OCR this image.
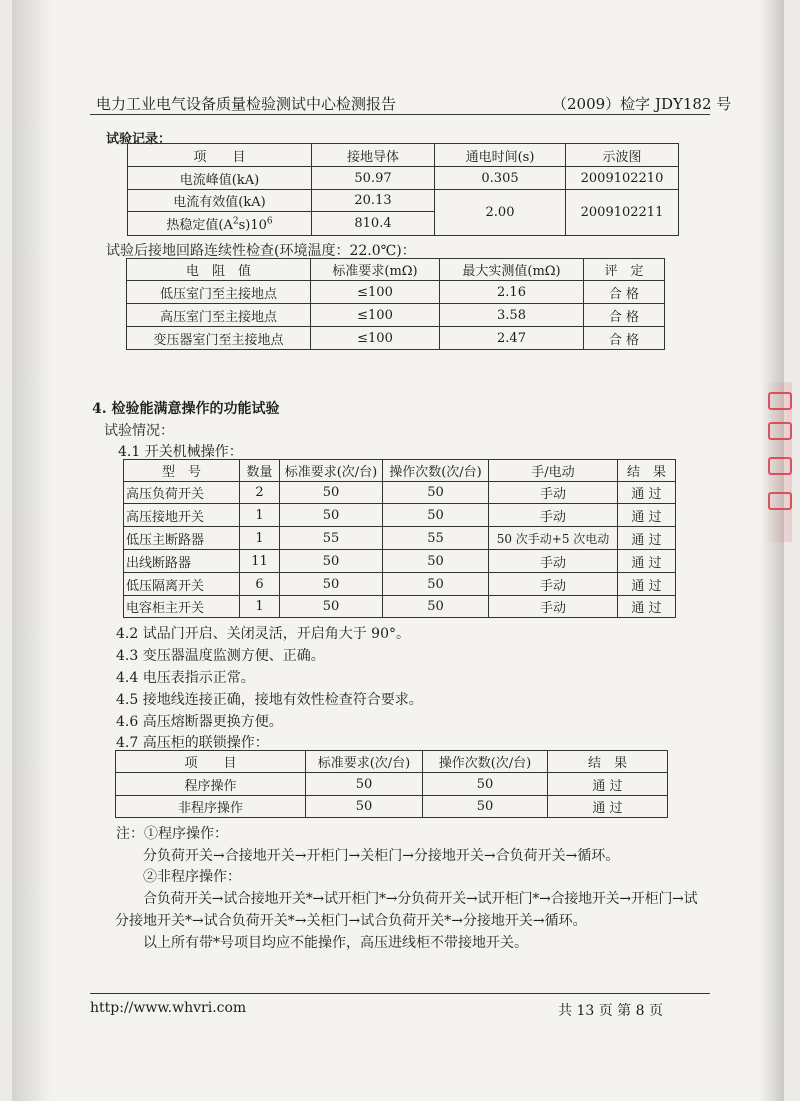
电力工业电气设备质量检验测试中心检测报告	（2009）检字 JDY182 号
试验记录：
项　　目	接地导体	通电时间(s)	示波图
电流峰值(kA)	50.97	0.305	2009102210
电流有效值(kA)	20.13	2.00	2009102211
热稳定值$(A^2s)10^6$	810.4		
试验后接地回路连续性检查(环境温度：22.0℃)：
电　阻　值	标准要求(mΩ)	最大实测值(mΩ)	评　定
低压室门至主接地点	≤100	2.16	合 格
高压室门至主接地点	≤100	3.58	合 格
变压器室门至主接地点	≤100	2.47	合 格
4. 检验能满意操作的功能试验
试验情况：
4.1 开关机械操作：
型　号	数量	标准要求(次/台)	操作次数(次/台)	手/电动	结　果
高压负荷开关	2	50	50	手动	通 过
高压接地开关	1	50	50	手动	通 过
低压主断路器	1	55	55	50 次手动+5 次电动	通 过
出线断路器	11	50	50	手动	通 过
低压隔离开关	6	50	50	手动	通 过
电容柜主开关	1	50	50	手动	通 过
4.2 试品门开启、关闭灵活，开启角大于 90°。
4.3 变压器温度监测方便、正确。
4.4 电压表指示正常。
4.5 接地线连接正确，接地有效性检查符合要求。
4.6 高压熔断器更换方便。
4.7 高压柜的联锁操作：
项　　目	标准要求(次/台)	操作次数(次/台)	结　果
程序操作	50	50	通 过
非程序操作	50	50	通 过
注：①程序操作：
分负荷开关→合接地开关→开柜门→关柜门→分接地开关→合负荷开关→循环。
②非程序操作：
合负荷开关→试合接地开关*→试开柜门*→分负荷开关→试开柜门*→合接地开关→开柜门→试
分接地开关*→试合负荷开关*→关柜门→试合负荷开关*→分接地开关→循环。
以上所有带*号项目均应不能操作，高压进线柜不带接地开关。
http://www.whvri.com	共 13 页 第 8 页
